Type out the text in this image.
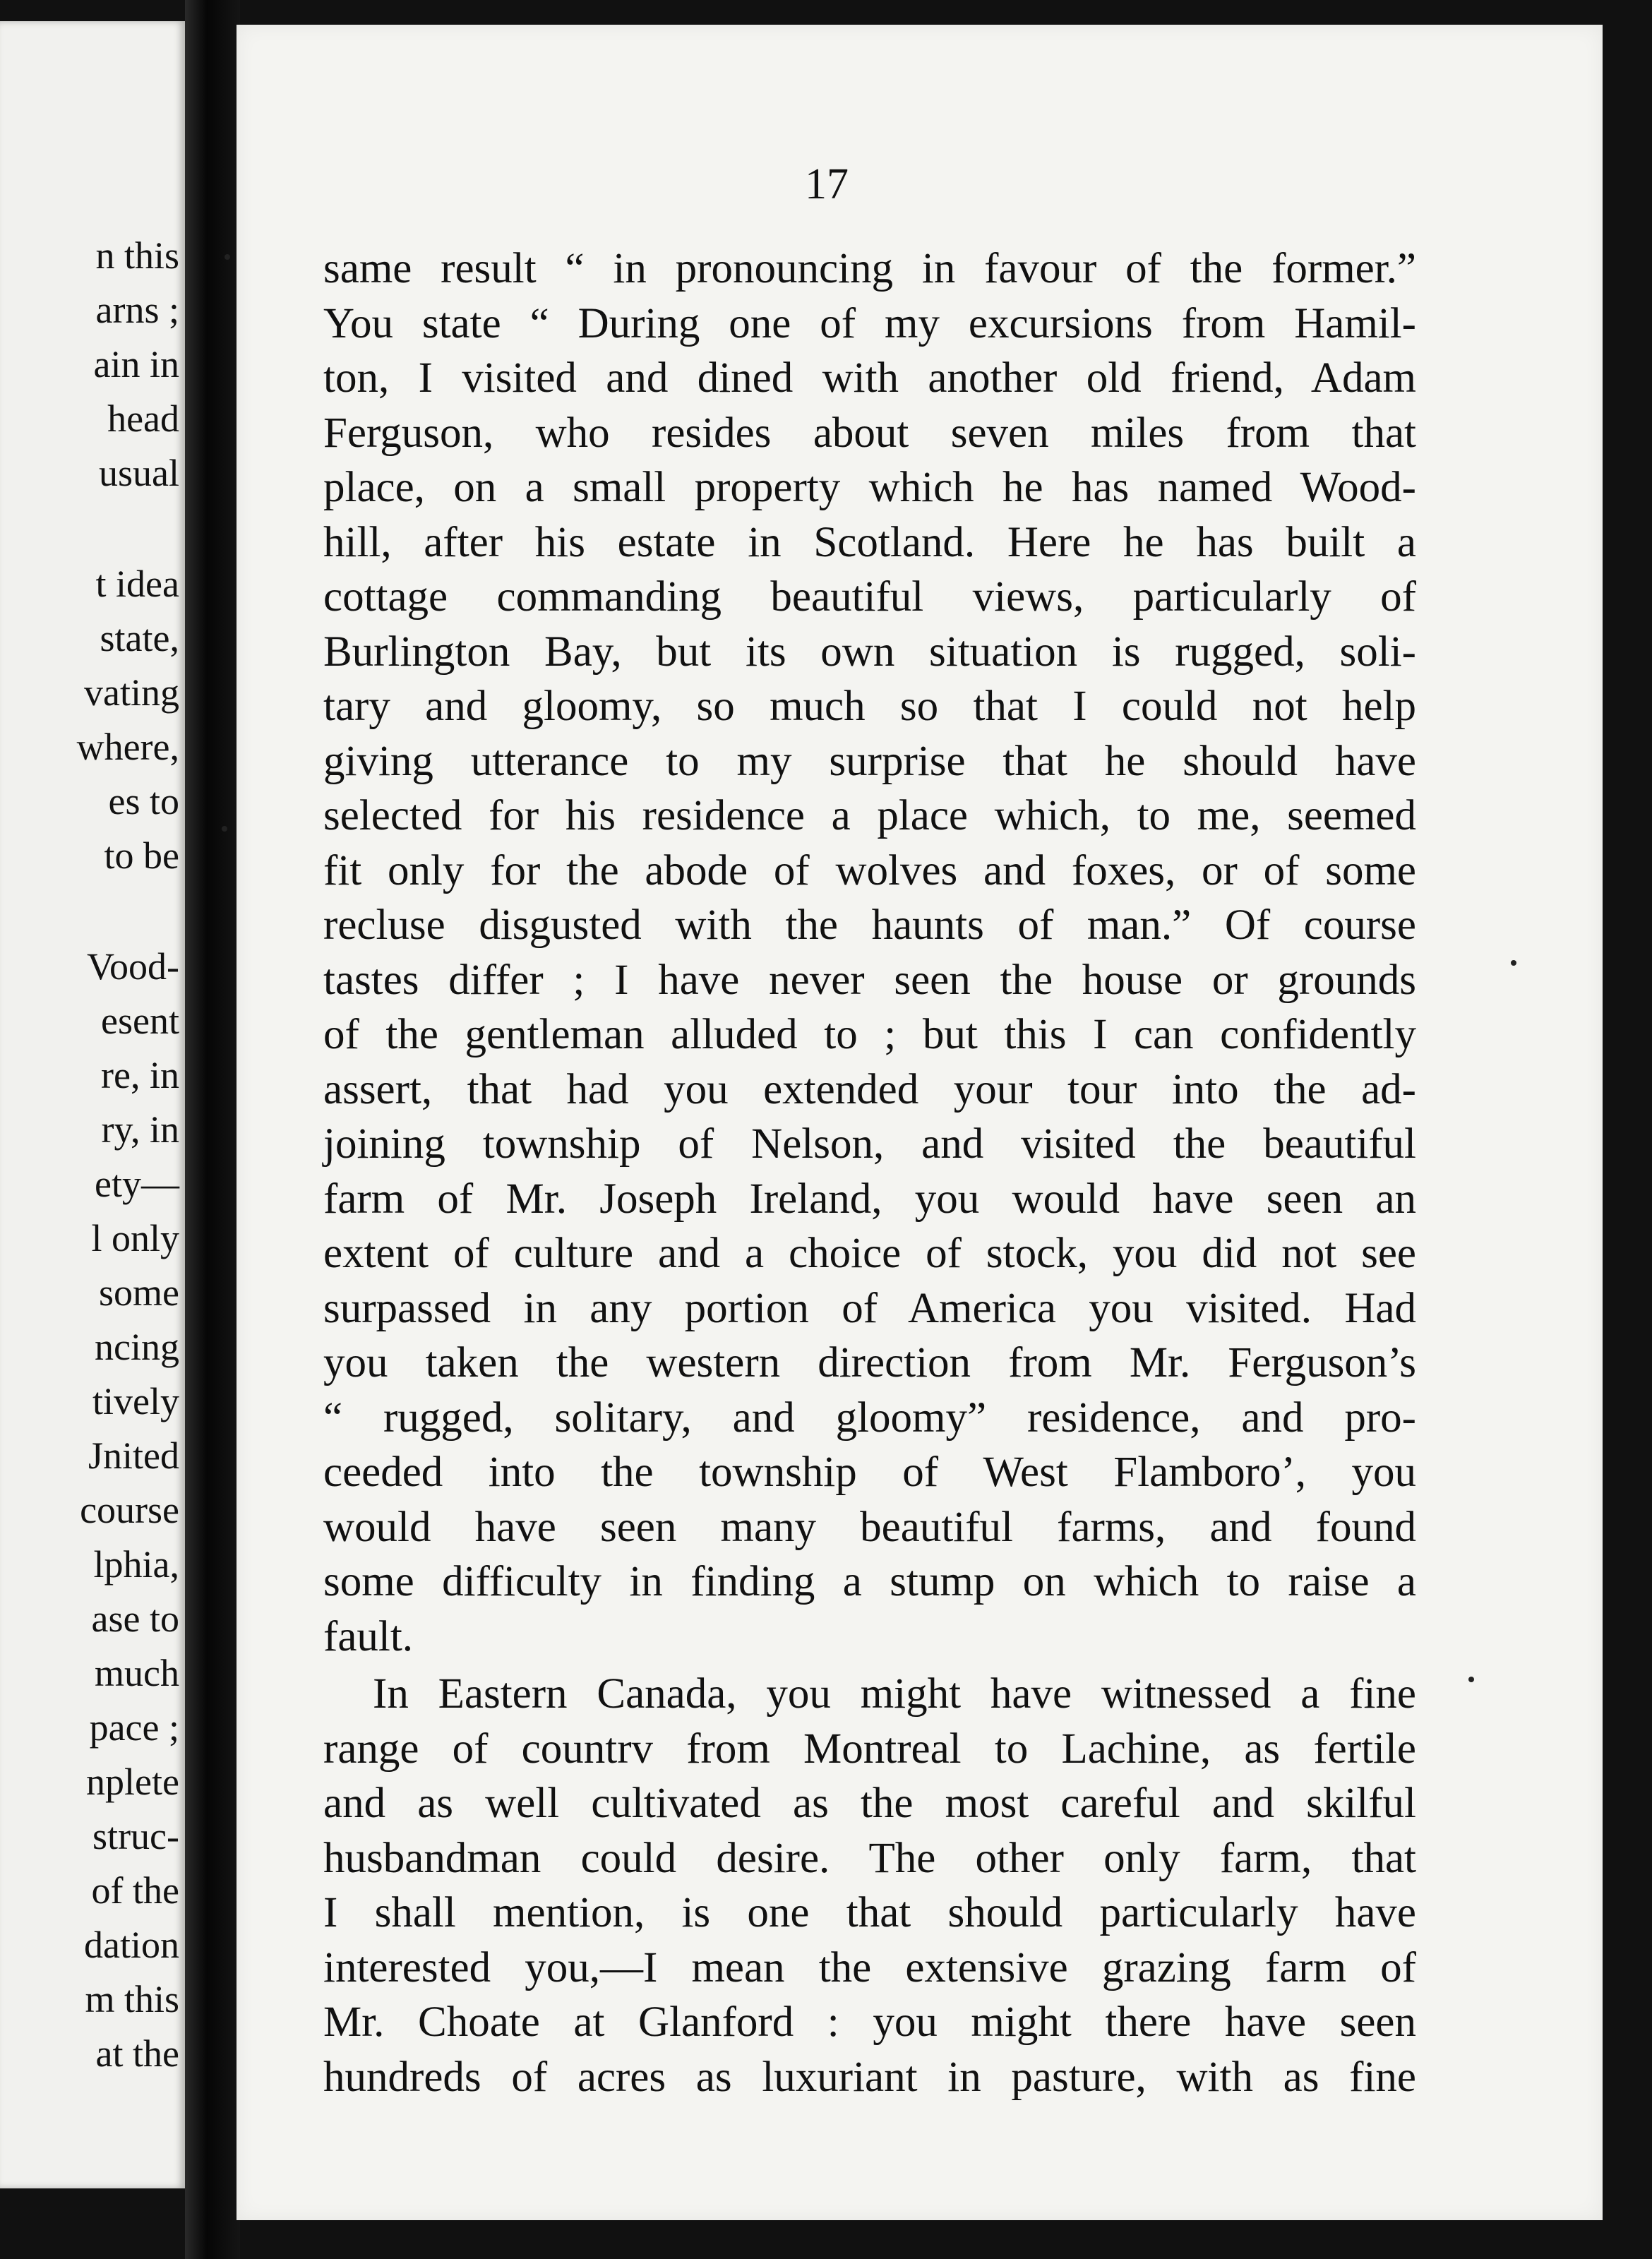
n this
arns ;
ain in
head
usual
t idea
state,
vating
where,
es to
to be
Vood-
esent
re, in
ry, in
ety—
l only
some
ncing
tively
Jnited
course
lphia,
ase to
much
pace ;
nplete
struc-
of the
dation
m this
at the
17
same result “ in pronouncing in favour of the former.”
You state “ During one of my excursions from Hamil-
ton, I visited and dined with another old friend, Adam
Ferguson, who resides about seven miles from that
place, on a small property which he has named Wood-
hill, after his estate in Scotland. Here he has built a
cottage commanding beautiful views, particularly of
Burlington Bay, but its own situation is rugged, soli-
tary and gloomy, so much so that I could not help
giving utterance to my surprise that he should have
selected for his residence a place which, to me, seemed
fit only for the abode of wolves and foxes, or of some
recluse disgusted with the haunts of man.” Of course
tastes differ ; I have never seen the house or grounds
of the gentleman alluded to ; but this I can confidently
assert, that had you extended your tour into the ad-
joining township of Nelson, and visited the beautiful
farm of Mr. Joseph Ireland, you would have seen an
extent of culture and a choice of stock, you did not see
surpassed in any portion of America you visited. Had
you taken the western direction from Mr. Ferguson’s
“ rugged, solitary, and gloomy” residence, and pro-
ceeded into the township of West Flamboro’, you
would have seen many beautiful farms, and found
some difficulty in finding a stump on which to raise a
fault.
In Eastern Canada, you might have witnessed a fine
range of countrv from Montreal to Lachine, as fertile
and as well cultivated as the most careful and skilful
husbandman could desire. The other only farm, that
I shall mention, is one that should particularly have
interested you,—I mean the extensive grazing farm of
Mr. Choate at Glanford : you might there have seen
hundreds of acres as luxuriant in pasture, with as fine
